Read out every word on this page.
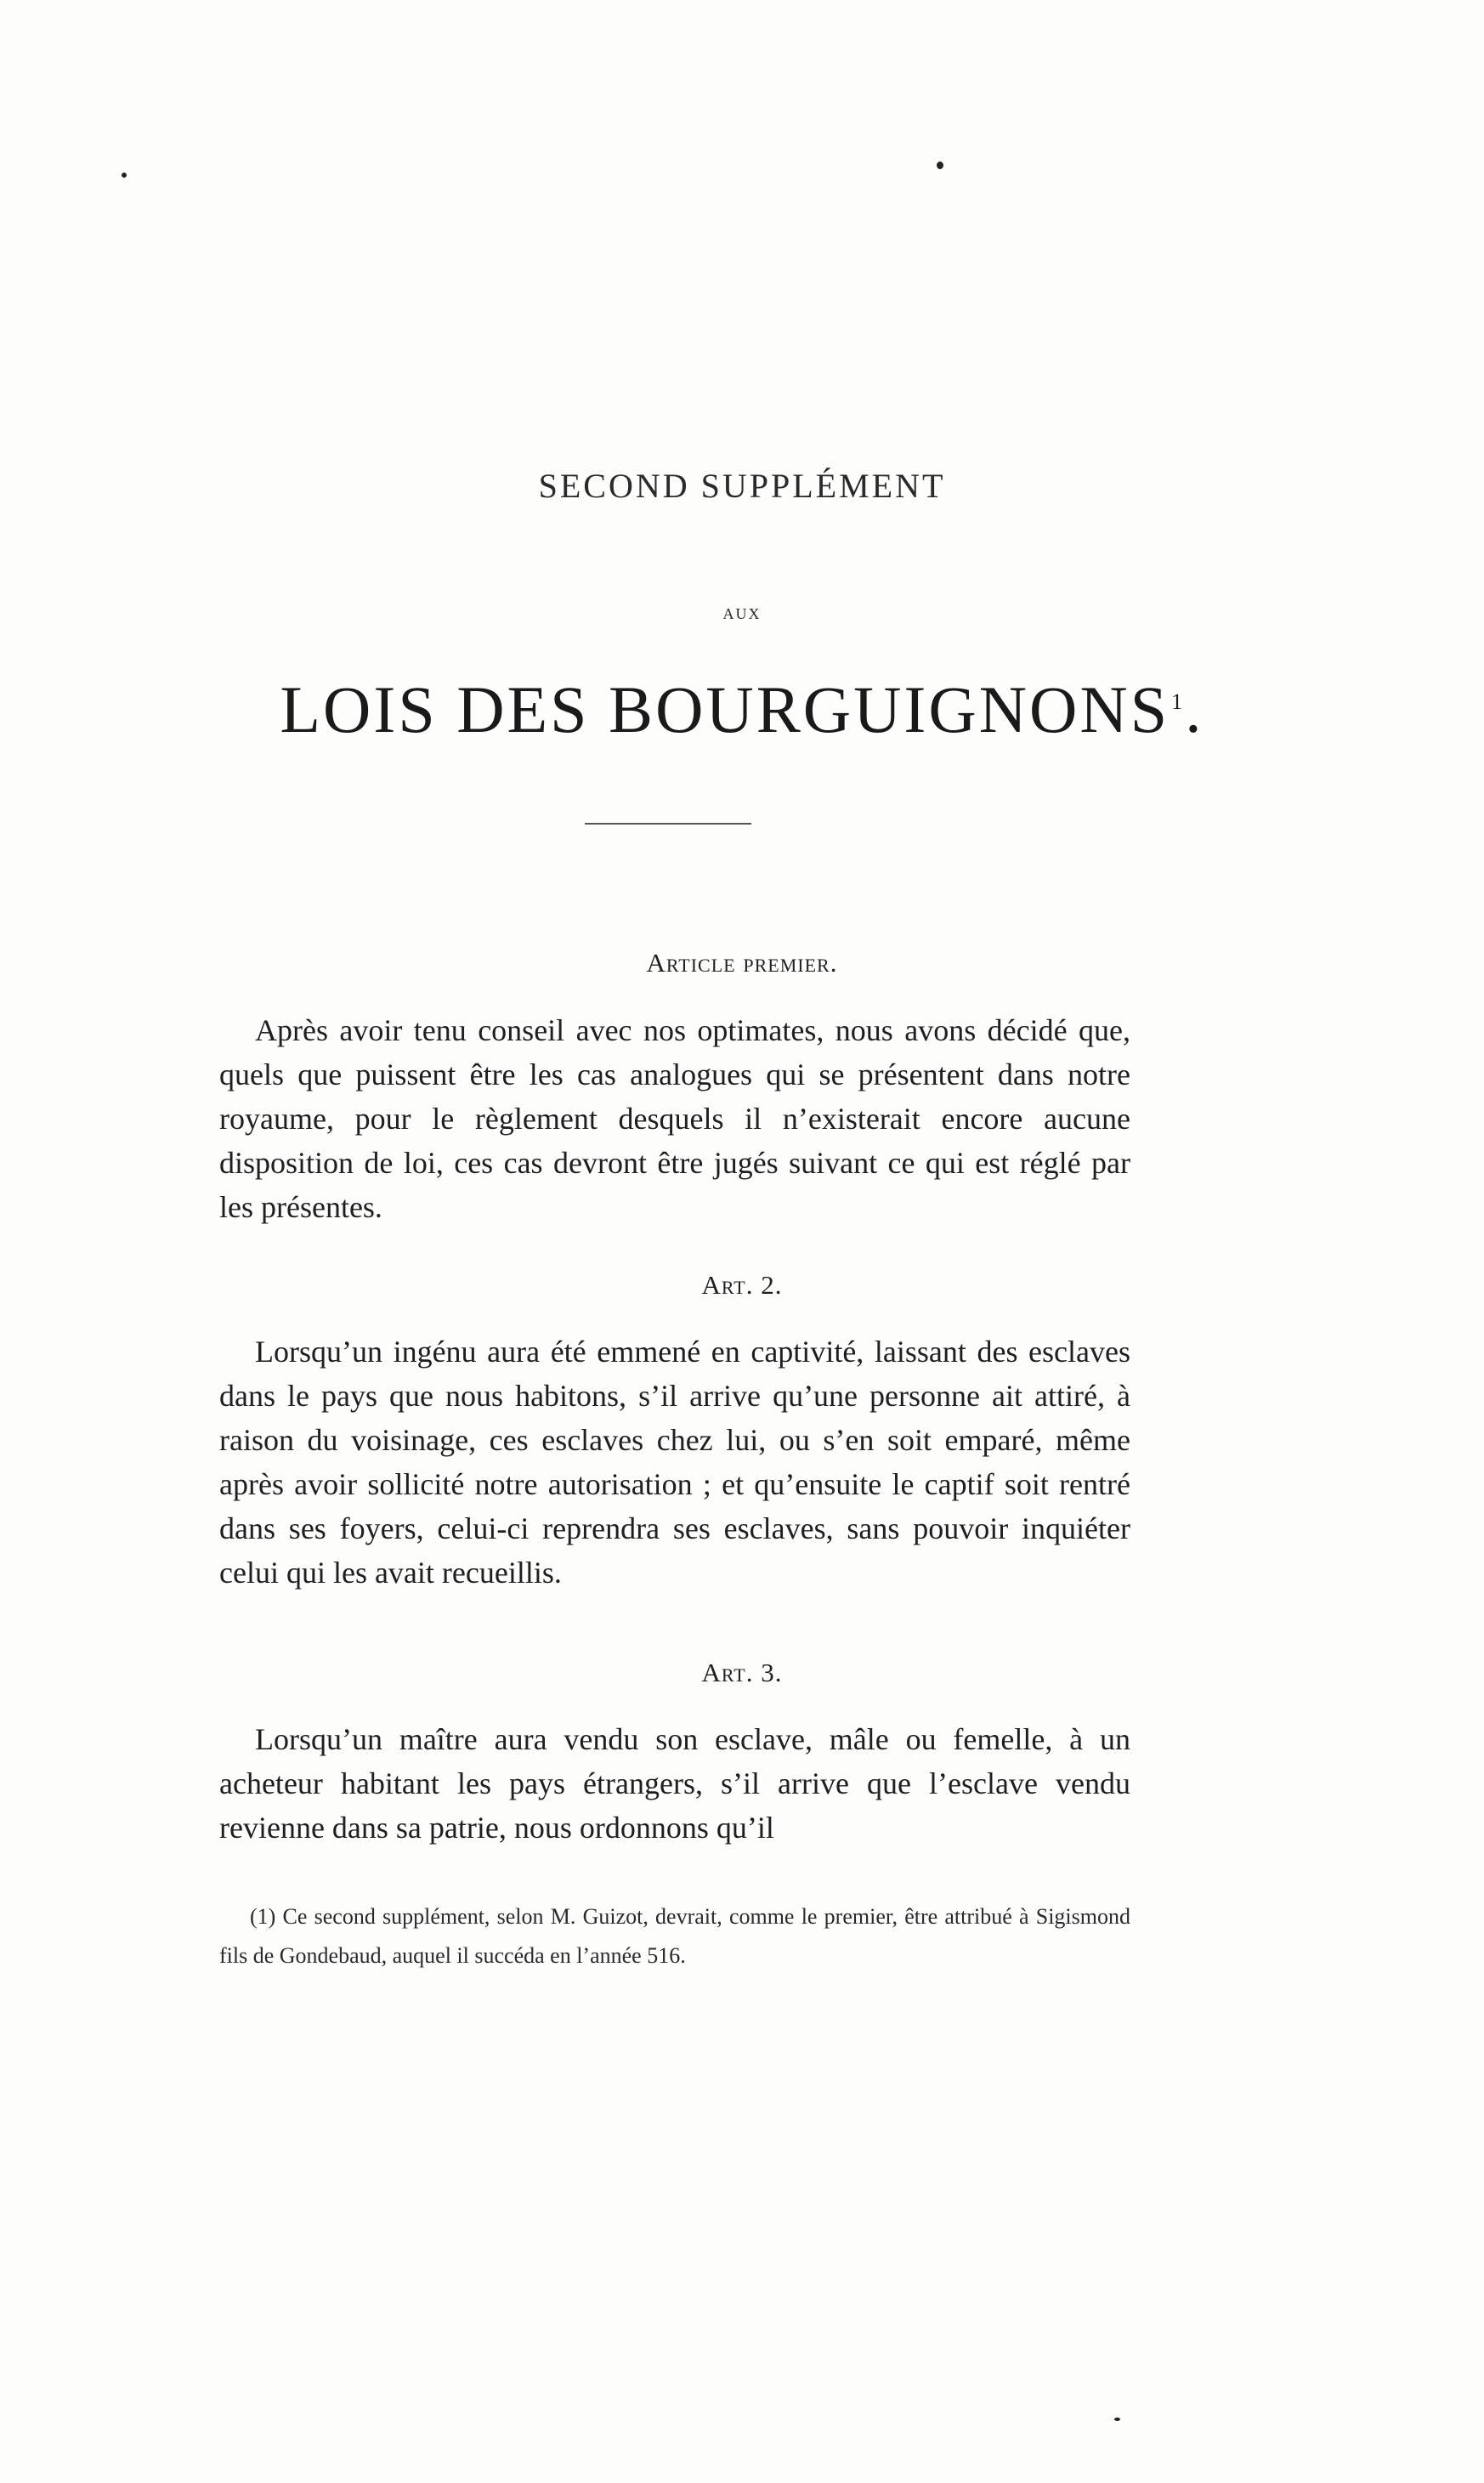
SECOND SUPPLÉMENT
AUX
LOIS DES BOURGUIGNONS$^1$.
Article premier.

Après avoir tenu conseil avec nos optimates, nous avons décidé que, quels que puissent être les cas analogues qui se présentent dans notre royaume, pour le règlement desquels il n’existerait encore aucune disposition de loi, ces cas devront être jugés suivant ce qui est réglé par les présentes.

Art. 2.

Lorsqu’un ingénu aura été emmené en captivité, laissant des esclaves dans le pays que nous habitons, s’il arrive qu’une personne ait attiré, à raison du voisinage, ces esclaves chez lui, ou s’en soit emparé, même après avoir sollicité notre autorisation ; et qu’ensuite le captif soit rentré dans ses foyers, celui-ci reprendra ses esclaves, sans pouvoir inquiéter celui qui les avait recueillis.

Art. 3.

Lorsqu’un maître aura vendu son esclave, mâle ou femelle, à un acheteur habitant les pays étrangers, s’il arrive que l’esclave vendu revienne dans sa patrie, nous ordonnons qu’il

(1) Ce second supplément, selon M. Guizot, devrait, comme le premier, être attribué à Sigismond fils de Gondebaud, auquel il succéda en l’année 516.
